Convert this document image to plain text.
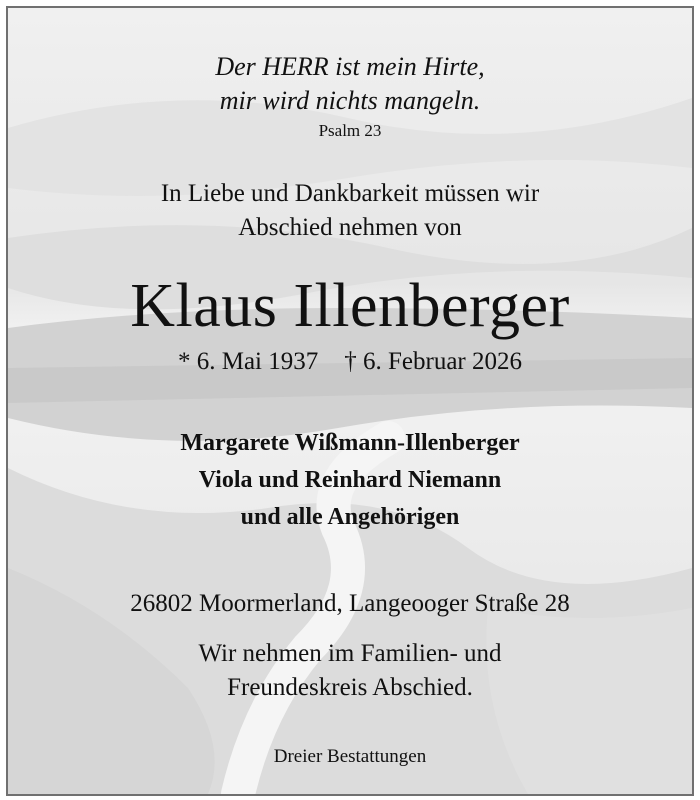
Der HERR ist mein Hirte,
mir wird nichts mangeln.
Psalm 23
In Liebe und Dankbarkeit müssen wir
Abschied nehmen von
Klaus Illenberger
* 6. Mai 1937 † 6. Februar 2026
Margarete Wißmann-Illenberger
Viola und Reinhard Niemann
und alle Angehörigen
26802 Moormerland, Langeooger Straße 28
Wir nehmen im Familien- und
Freundeskreis Abschied.
Dreier Bestattungen
